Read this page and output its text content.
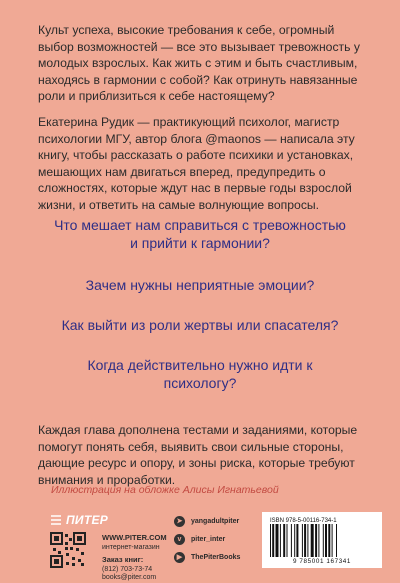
Культ успеха, высокие требования к себе, огромный выбор возможностей — все это вызывает тревожность у молодых взрослых. Как жить с этим и быть счастливым, находясь в гармонии с собой? Как отринуть навязанные роли и приблизиться к себе настоящему?

Екатерина Рудик — практикующий психолог, магистр психологии МГУ, автор блога @maonos — написала эту книгу, чтобы рассказать о работе психики и установках, мешающих нам двигаться вперед, предупредить о сложностях, которые ждут нас в первые годы взрослой жизни, и ответить на самые волнующие вопросы.

Что мешает нам справиться с тревожностью и прийти к гармонии?

Зачем нужны неприятные эмоции?

Как выйти из роли жертвы или спасателя?

Когда действительно нужно идти к психологу?

Каждая глава дополнена тестами и заданиями, которые помогут понять себя, выявить свои сильные стороны, дающие ресурс и опору, и зоны риска, которые требуют внимания и проработки.

Иллюстрация на обложке Алисы Игнатьевой
ПИТЕР
WWW.PITER.COM
интернет-магазин
Заказ книг:
(812) 703-73-74
books@piter.com
➤	yangadultpiter
v	piter_inter
▶	ThePiterBooks
ISBN 978-5-00116-734-1
9 785001 167341
